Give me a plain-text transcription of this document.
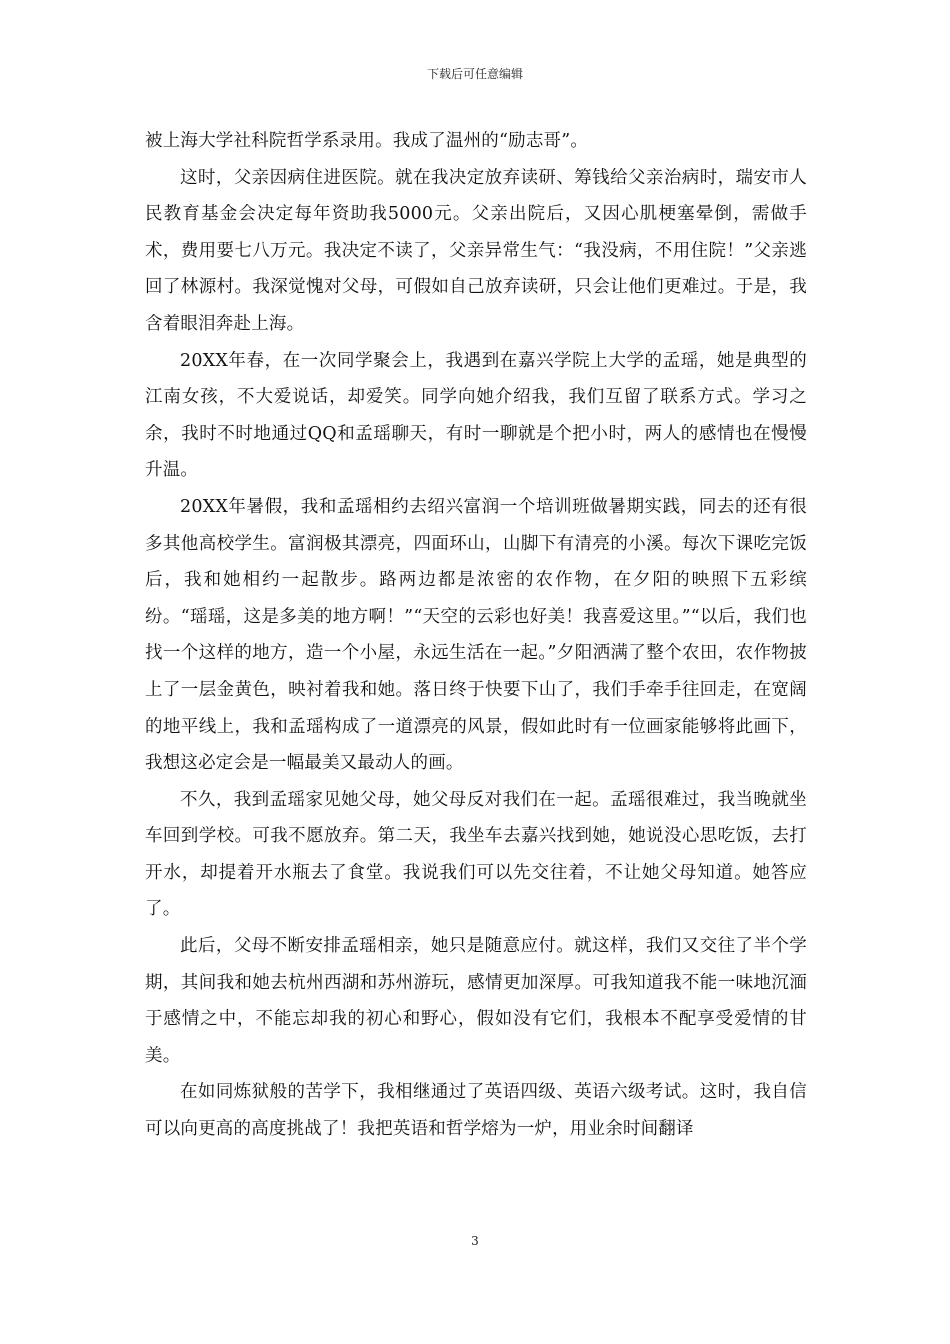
下载后可任意编辑

被上海大学社科院哲学系录用。我成了温州的“励志哥”。

这时，父亲因病住进医院。就在我决定放弃读研、筹钱给父亲治病时，瑞安市人民教育基金会决定每年资助我5000元。父亲出院后，又因心肌梗塞晕倒，需做手术，费用要七八万元。我决定不读了，父亲异常生气：“我没病，不用住院！”父亲逃回了林源村。我深觉愧对父母，可假如自己放弃读研，只会让他们更难过。于是，我含着眼泪奔赴上海。

20XX年春，在一次同学聚会上，我遇到在嘉兴学院上大学的孟瑶，她是典型的江南女孩，不大爱说话，却爱笑。同学向她介绍我，我们互留了联系方式。学习之余，我时不时地通过QQ和孟瑶聊天，有时一聊就是个把小时，两人的感情也在慢慢升温。

20XX年暑假，我和孟瑶相约去绍兴富润一个培训班做暑期实践，同去的还有很多其他高校学生。富润极其漂亮，四面环山，山脚下有清亮的小溪。每次下课吃完饭后，我和她相约一起散步。路两边都是浓密的农作物，在夕阳的映照下五彩缤纷。“瑶瑶，这是多美的地方啊！”“天空的云彩也好美！我喜爱这里。”“以后，我们也找一个这样的地方，造一个小屋，永远生活在一起。”夕阳洒满了整个农田，农作物披上了一层金黄色，映衬着我和她。落日终于快要下山了，我们手牵手往回走，在宽阔的地平线上，我和孟瑶构成了一道漂亮的风景，假如此时有一位画家能够将此画下，我想这必定会是一幅最美又最动人的画。

不久，我到孟瑶家见她父母，她父母反对我们在一起。孟瑶很难过，我当晚就坐车回到学校。可我不愿放弃。第二天，我坐车去嘉兴找到她，她说没心思吃饭，去打开水，却提着开水瓶去了食堂。我说我们可以先交往着，不让她父母知道。她答应了。

此后，父母不断安排孟瑶相亲，她只是随意应付。就这样，我们又交往了半个学期，其间我和她去杭州西湖和苏州游玩，感情更加深厚。可我知道我不能一味地沉湎于感情之中，不能忘却我的初心和野心，假如没有它们，我根本不配享受爱情的甘美。

在如同炼狱般的苦学下，我相继通过了英语四级、英语六级考试。这时，我自信可以向更高的高度挑战了！我把英语和哲学熔为一炉，用业余时间翻译

3
